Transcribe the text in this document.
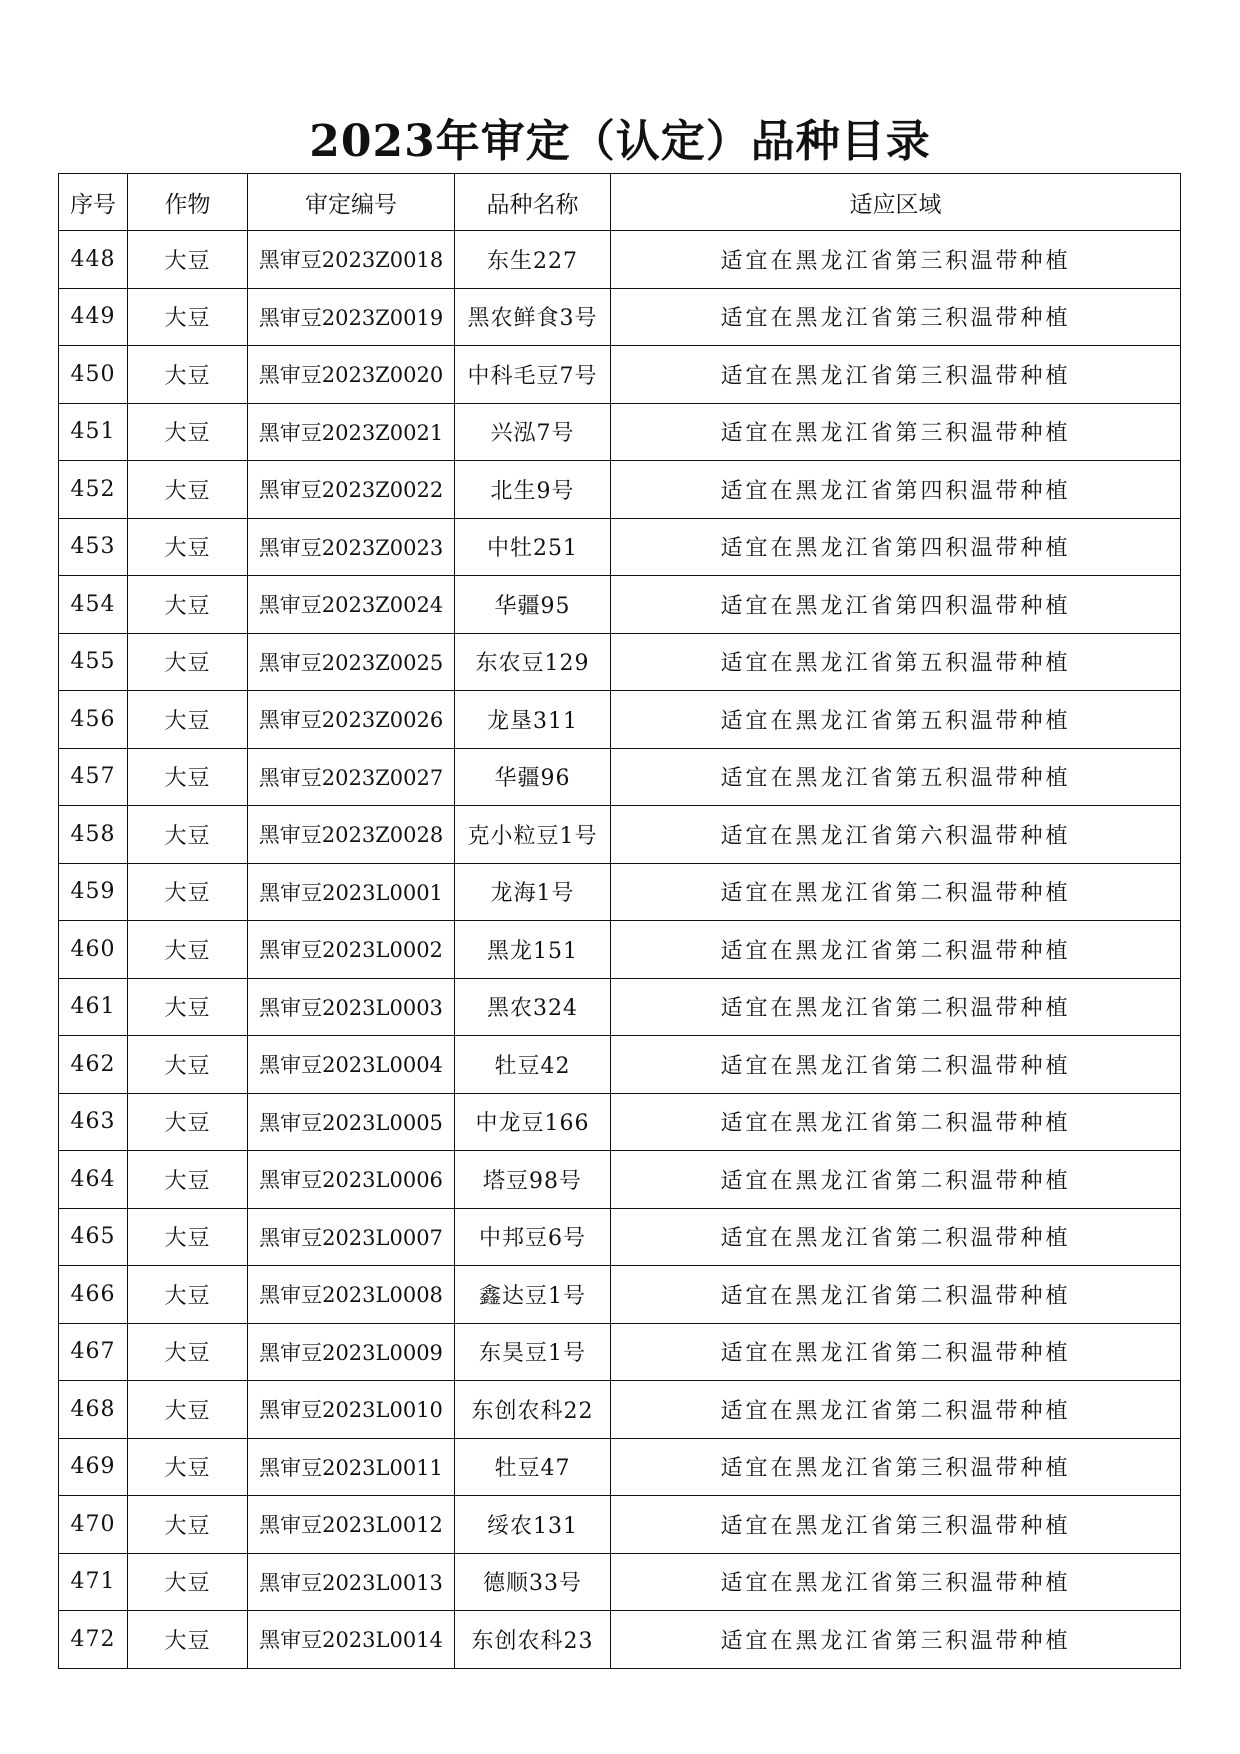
2023年审定（认定）品种目录
序号	作物	审定编号	品种名称	适应区域
448	大豆	黑审豆2023Z0018	东生227	适宜在黑龙江省第三积温带种植
449	大豆	黑审豆2023Z0019	黑农鲜食3号	适宜在黑龙江省第三积温带种植
450	大豆	黑审豆2023Z0020	中科毛豆7号	适宜在黑龙江省第三积温带种植
451	大豆	黑审豆2023Z0021	兴泓7号	适宜在黑龙江省第三积温带种植
452	大豆	黑审豆2023Z0022	北生9号	适宜在黑龙江省第四积温带种植
453	大豆	黑审豆2023Z0023	中牡251	适宜在黑龙江省第四积温带种植
454	大豆	黑审豆2023Z0024	华疆95	适宜在黑龙江省第四积温带种植
455	大豆	黑审豆2023Z0025	东农豆129	适宜在黑龙江省第五积温带种植
456	大豆	黑审豆2023Z0026	龙垦311	适宜在黑龙江省第五积温带种植
457	大豆	黑审豆2023Z0027	华疆96	适宜在黑龙江省第五积温带种植
458	大豆	黑审豆2023Z0028	克小粒豆1号	适宜在黑龙江省第六积温带种植
459	大豆	黑审豆2023L0001	龙海1号	适宜在黑龙江省第二积温带种植
460	大豆	黑审豆2023L0002	黑龙151	适宜在黑龙江省第二积温带种植
461	大豆	黑审豆2023L0003	黑农324	适宜在黑龙江省第二积温带种植
462	大豆	黑审豆2023L0004	牡豆42	适宜在黑龙江省第二积温带种植
463	大豆	黑审豆2023L0005	中龙豆166	适宜在黑龙江省第二积温带种植
464	大豆	黑审豆2023L0006	塔豆98号	适宜在黑龙江省第二积温带种植
465	大豆	黑审豆2023L0007	中邦豆6号	适宜在黑龙江省第二积温带种植
466	大豆	黑审豆2023L0008	鑫达豆1号	适宜在黑龙江省第二积温带种植
467	大豆	黑审豆2023L0009	东昊豆1号	适宜在黑龙江省第二积温带种植
468	大豆	黑审豆2023L0010	东创农科22	适宜在黑龙江省第二积温带种植
469	大豆	黑审豆2023L0011	牡豆47	适宜在黑龙江省第三积温带种植
470	大豆	黑审豆2023L0012	绥农131	适宜在黑龙江省第三积温带种植
471	大豆	黑审豆2023L0013	德顺33号	适宜在黑龙江省第三积温带种植
472	大豆	黑审豆2023L0014	东创农科23	适宜在黑龙江省第三积温带种植
